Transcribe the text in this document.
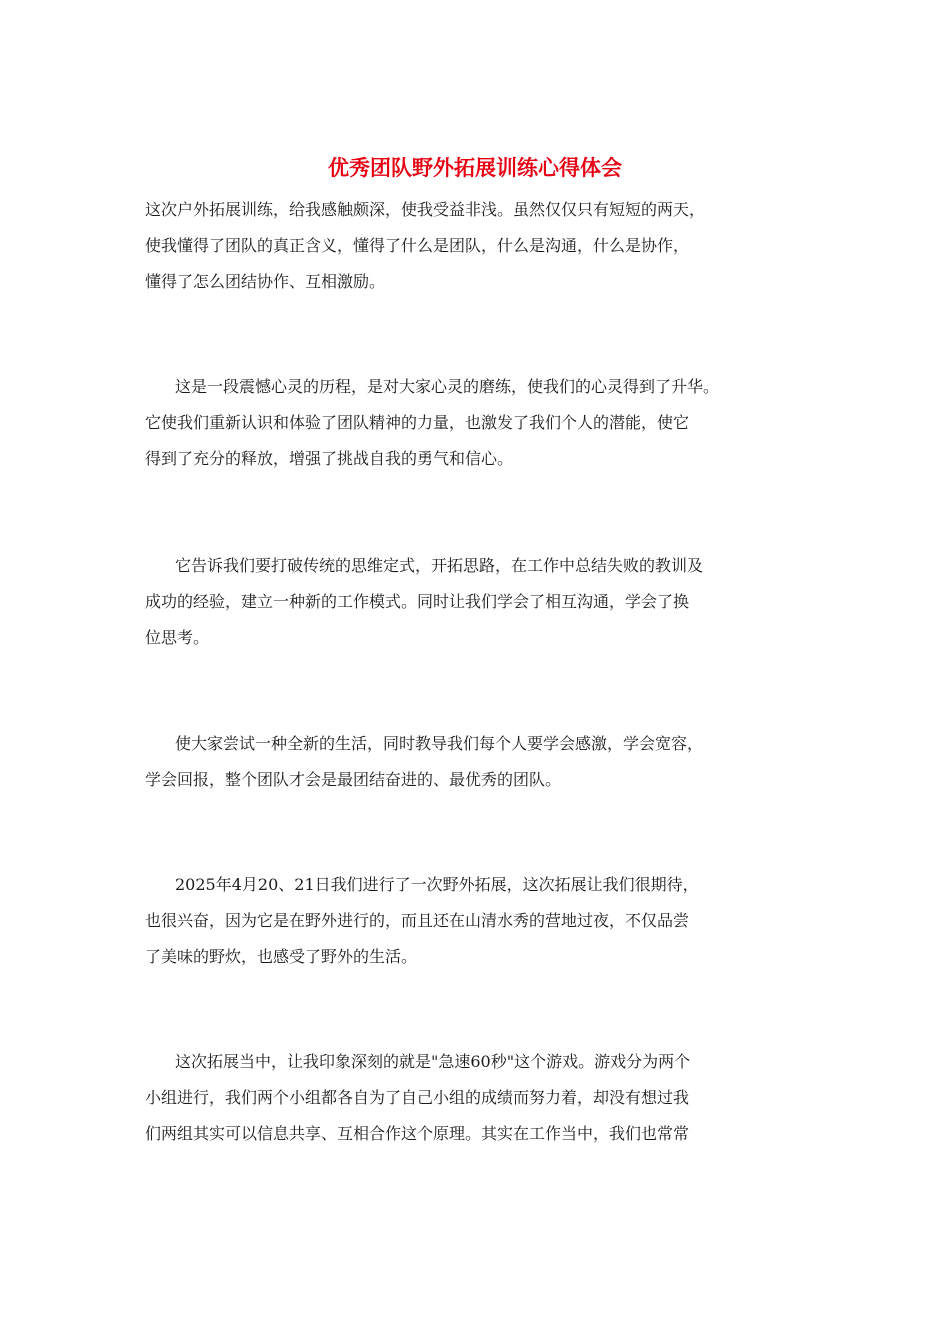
优秀团队野外拓展训练心得体会
这次户外拓展训练，给我感触颇深，使我受益非浅。虽然仅仅只有短短的两天，
使我懂得了团队的真正含义，懂得了什么是团队，什么是沟通，什么是协作，
懂得了怎么团结协作、互相激励。
这是一段震憾心灵的历程，是对大家心灵的磨练，使我们的心灵得到了升华。
它使我们重新认识和体验了团队精神的力量，也激发了我们个人的潜能，使它
得到了充分的释放，增强了挑战自我的勇气和信心。
它告诉我们要打破传统的思维定式，开拓思路，在工作中总结失败的教训及
成功的经验，建立一种新的工作模式。同时让我们学会了相互沟通，学会了换
位思考。
使大家尝试一种全新的生活，同时教导我们每个人要学会感激，学会宽容，
学会回报，整个团队才会是最团结奋进的、最优秀的团队。
2025年4月20、21日我们进行了一次野外拓展，这次拓展让我们很期待，
也很兴奋，因为它是在野外进行的，而且还在山清水秀的营地过夜，不仅品尝
了美味的野炊，也感受了野外的生活。
这次拓展当中，让我印象深刻的就是"急速60秒"这个游戏。游戏分为两个
小组进行，我们两个小组都各自为了自己小组的成绩而努力着，却没有想过我
们两组其实可以信息共享、互相合作这个原理。其实在工作当中，我们也常常
